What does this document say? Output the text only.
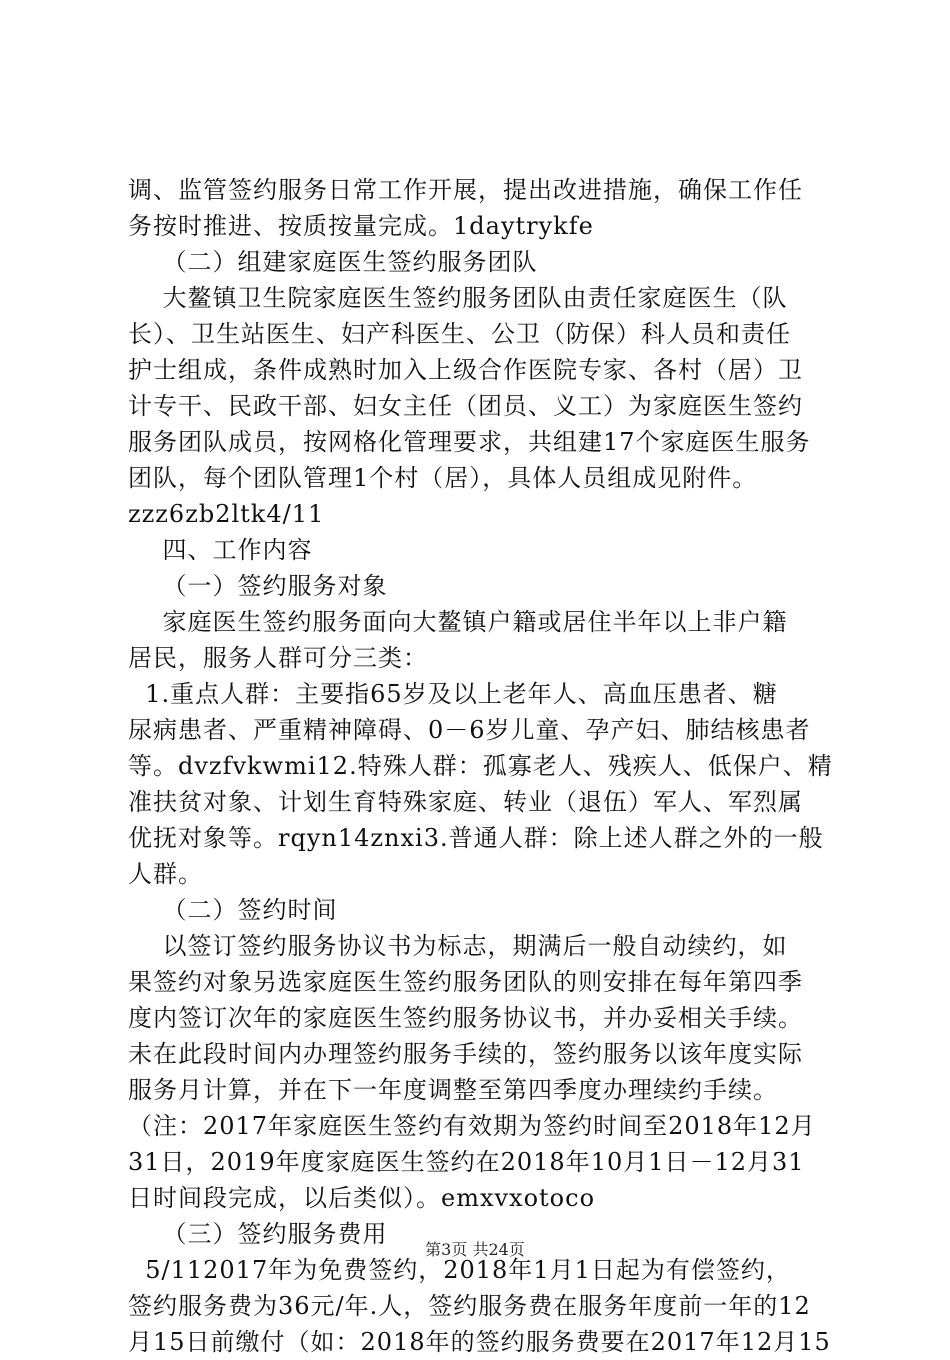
调、监管签约服务日常工作开展，提出改进措施，确保工作任
务按时推进、按质按量完成。1daytrykfe
（二）组建家庭医生签约服务团队
大鳌镇卫生院家庭医生签约服务团队由责任家庭医生（队
长）、卫生站医生、妇产科医生、公卫（防保）科人员和责任
护士组成，条件成熟时加入上级合作医院专家、各村（居）卫
计专干、民政干部、妇女主任（团员、义工）为家庭医生签约
服务团队成员，按网格化管理要求，共组建17个家庭医生服务
团队，每个团队管理1个村（居），具体人员组成见附件。
zzz6zb2ltk4/11
四、工作内容
（一）签约服务对象
家庭医生签约服务面向大鳌镇户籍或居住半年以上非户籍
居民，服务人群可分三类：
1.重点人群：主要指65岁及以上老年人、高血压患者、糖
尿病患者、严重精神障碍、0－6岁儿童、孕产妇、肺结核患者
等。dvzfvkwmi12.特殊人群：孤寡老人、残疾人、低保户、精
准扶贫对象、计划生育特殊家庭、转业（退伍）军人、军烈属
优抚对象等。rqyn14znxi3.普通人群：除上述人群之外的一般
人群。
（二）签约时间
以签订签约服务协议书为标志，期满后一般自动续约，如
果签约对象另选家庭医生签约服务团队的则安排在每年第四季
度内签订次年的家庭医生签约服务协议书，并办妥相关手续。
未在此段时间内办理签约服务手续的，签约服务以该年度实际
服务月计算，并在下一年度调整至第四季度办理续约手续。
（注：2017年家庭医生签约有效期为签约时间至2018年12月
31日，2019年度家庭医生签约在2018年10月1日－12月31
日时间段完成，以后类似）。emxvxotoco
（三）签约服务费用
5/112017年为免费签约，2018年1月1日起为有偿签约，
签约服务费为36元/年.人，签约服务费在服务年度前一年的12
月15日前缴付（如：2018年的签约服务费要在2017年12月15
第3页 共24页
